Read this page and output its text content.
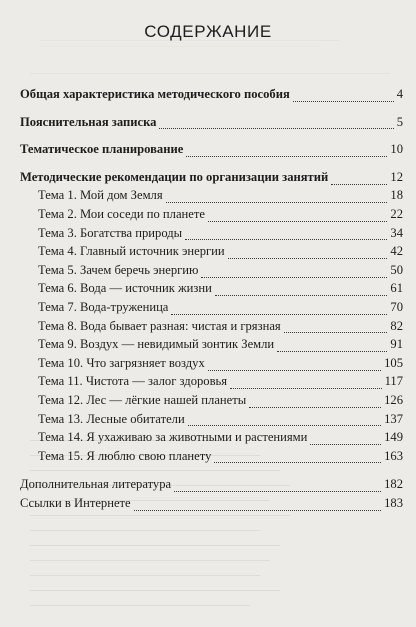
СОДЕРЖАНИЕ
Общая характеристика методического пособия	4
Пояснительная записка	5
Тематическое планирование	10
Методические рекомендации по организации занятий	12
Тема 1. Мой дом Земля	18
Тема 2. Мои соседи по планете	22
Тема 3. Богатства природы	34
Тема 4. Главный источник энергии	42
Тема 5. Зачем беречь энергию	50
Тема 6. Вода — источник жизни	61
Тема 7. Вода-труженица	70
Тема 8. Вода бывает разная: чистая и грязная	82
Тема 9. Воздух — невидимый зонтик Земли	91
Тема 10. Что загрязняет воздух	105
Тема 11. Чистота — залог здоровья	117
Тема 12. Лес — лёгкие нашей планеты	126
Тема 13. Лесные обитатели	137
Тема 14. Я ухаживаю за животными и растениями	149
Тема 15. Я люблю свою планету	163
Дополнительная литература	182
Ссылки в Интернете	183
